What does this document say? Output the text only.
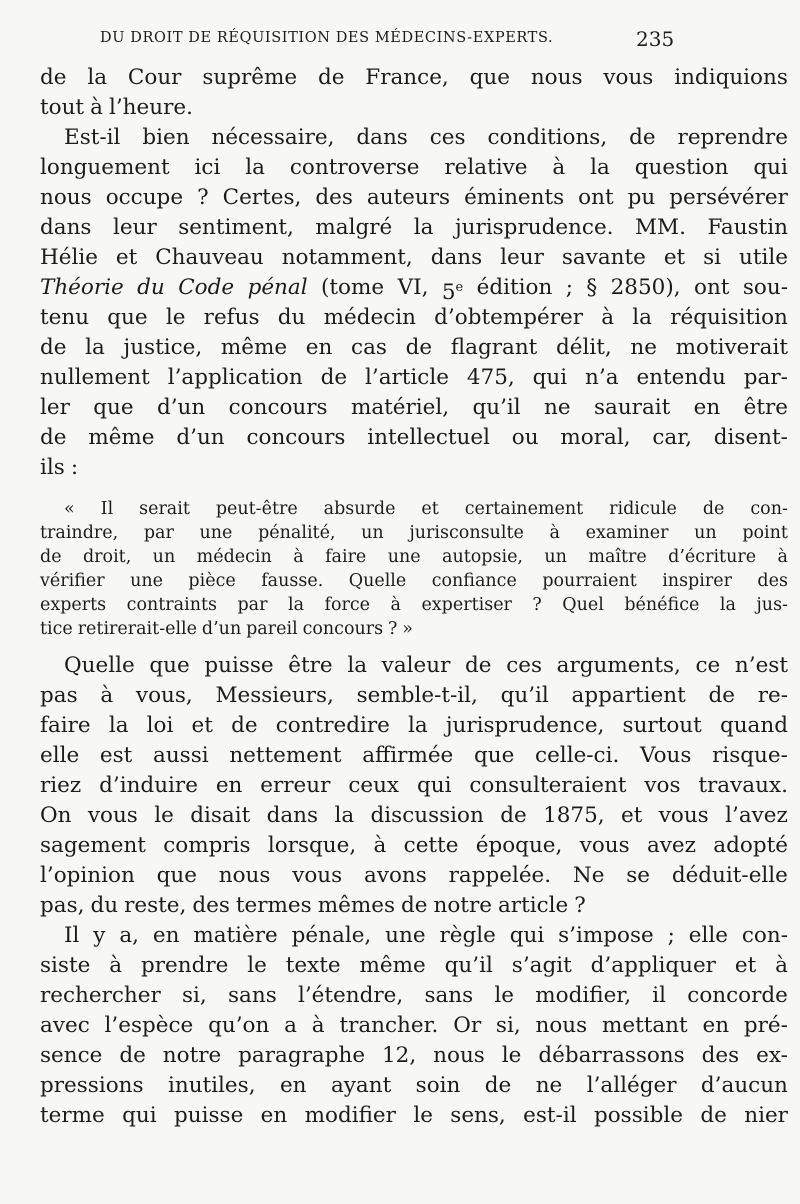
DU DROIT DE RÉQUISITION DES MÉDECINS-EXPERTS.	235
de la Cour suprême de France, que nous vous indiquions
tout à l’heure.
Est-il bien nécessaire, dans ces conditions, de reprendre
longuement ici la controverse relative à la question qui
nous occupe ? Certes, des auteurs éminents ont pu persévérer
dans leur sentiment, malgré la jurisprudence. MM. Faustin
Hélie et Chauveau notamment, dans leur savante et si utile
Théorie du Code pénal (tome VI, 5e édition ; § 2850), ont sou-
tenu que le refus du médecin d’obtempérer à la réquisition
de la justice, même en cas de flagrant délit, ne motiverait
nullement l’application de l’article 475, qui n’a entendu par-
ler que d’un concours matériel, qu’il ne saurait en être
de même d’un concours intellectuel ou moral, car, disent-
ils :
« Il serait peut-être absurde et certainement ridicule de con-
traindre, par une pénalité, un jurisconsulte à examiner un point
de droit, un médecin à faire une autopsie, un maître d’écriture à
vérifier une pièce fausse. Quelle confiance pourraient inspirer des
experts contraints par la force à expertiser ? Quel bénéfice la jus-
tice retirerait-elle d’un pareil concours ? »
Quelle que puisse être la valeur de ces arguments, ce n’est
pas à vous, Messieurs, semble-t-il, qu’il appartient de re-
faire la loi et de contredire la jurisprudence, surtout quand
elle est aussi nettement affirmée que celle-ci. Vous risque-
riez d’induire en erreur ceux qui consulteraient vos travaux.
On vous le disait dans la discussion de 1875, et vous l’avez
sagement compris lorsque, à cette époque, vous avez adopté
l’opinion que nous vous avons rappelée. Ne se déduit-elle
pas, du reste, des termes mêmes de notre article ?
Il y a, en matière pénale, une règle qui s’impose ; elle con-
siste à prendre le texte même qu’il s’agit d’appliquer et à
rechercher si, sans l’étendre, sans le modifier, il concorde
avec l’espèce qu’on a à trancher. Or si, nous mettant en pré-
sence de notre paragraphe 12, nous le débarrassons des ex-
pressions inutiles, en ayant soin de ne l’alléger d’aucun
terme qui puisse en modifier le sens, est-il possible de nier
